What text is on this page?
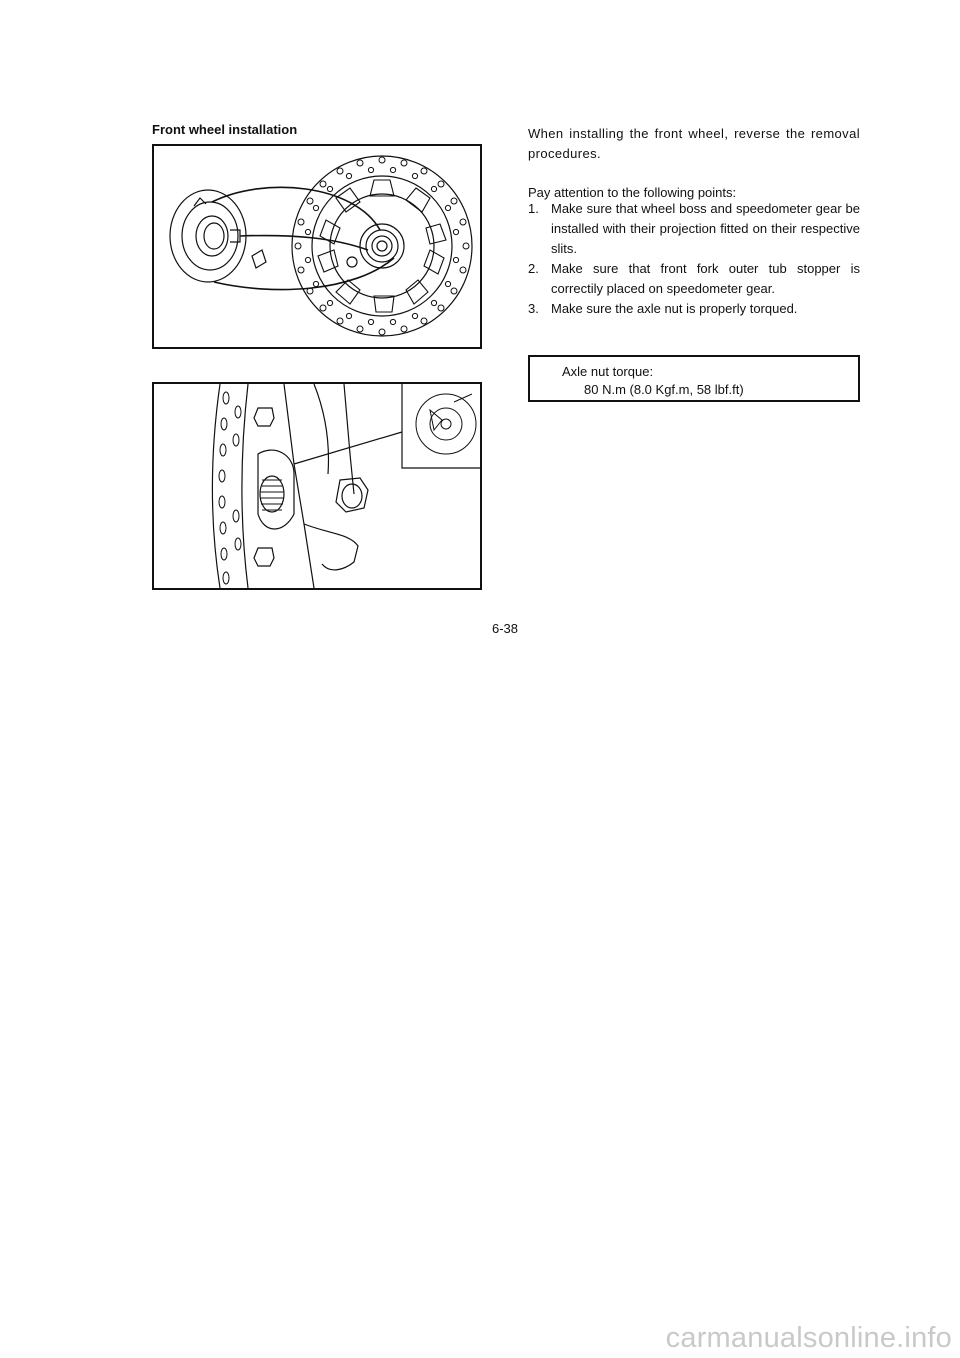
Front wheel installation	When installing the front wheel, reverse the removal procedures.
Pay attention to the following points:
1. Make sure that wheel boss and speedometer gear be installed with their projection fitted on their respective slits.
2. Make sure that front fork outer tub stopper is correctily placed on speedometer gear.
3. Make sure the axle nut is properly torqued.
Axle nut torque:
80 N.m (8.0 Kgf.m, 58 lbf.ft)
6-38
carmanualsonline.info
